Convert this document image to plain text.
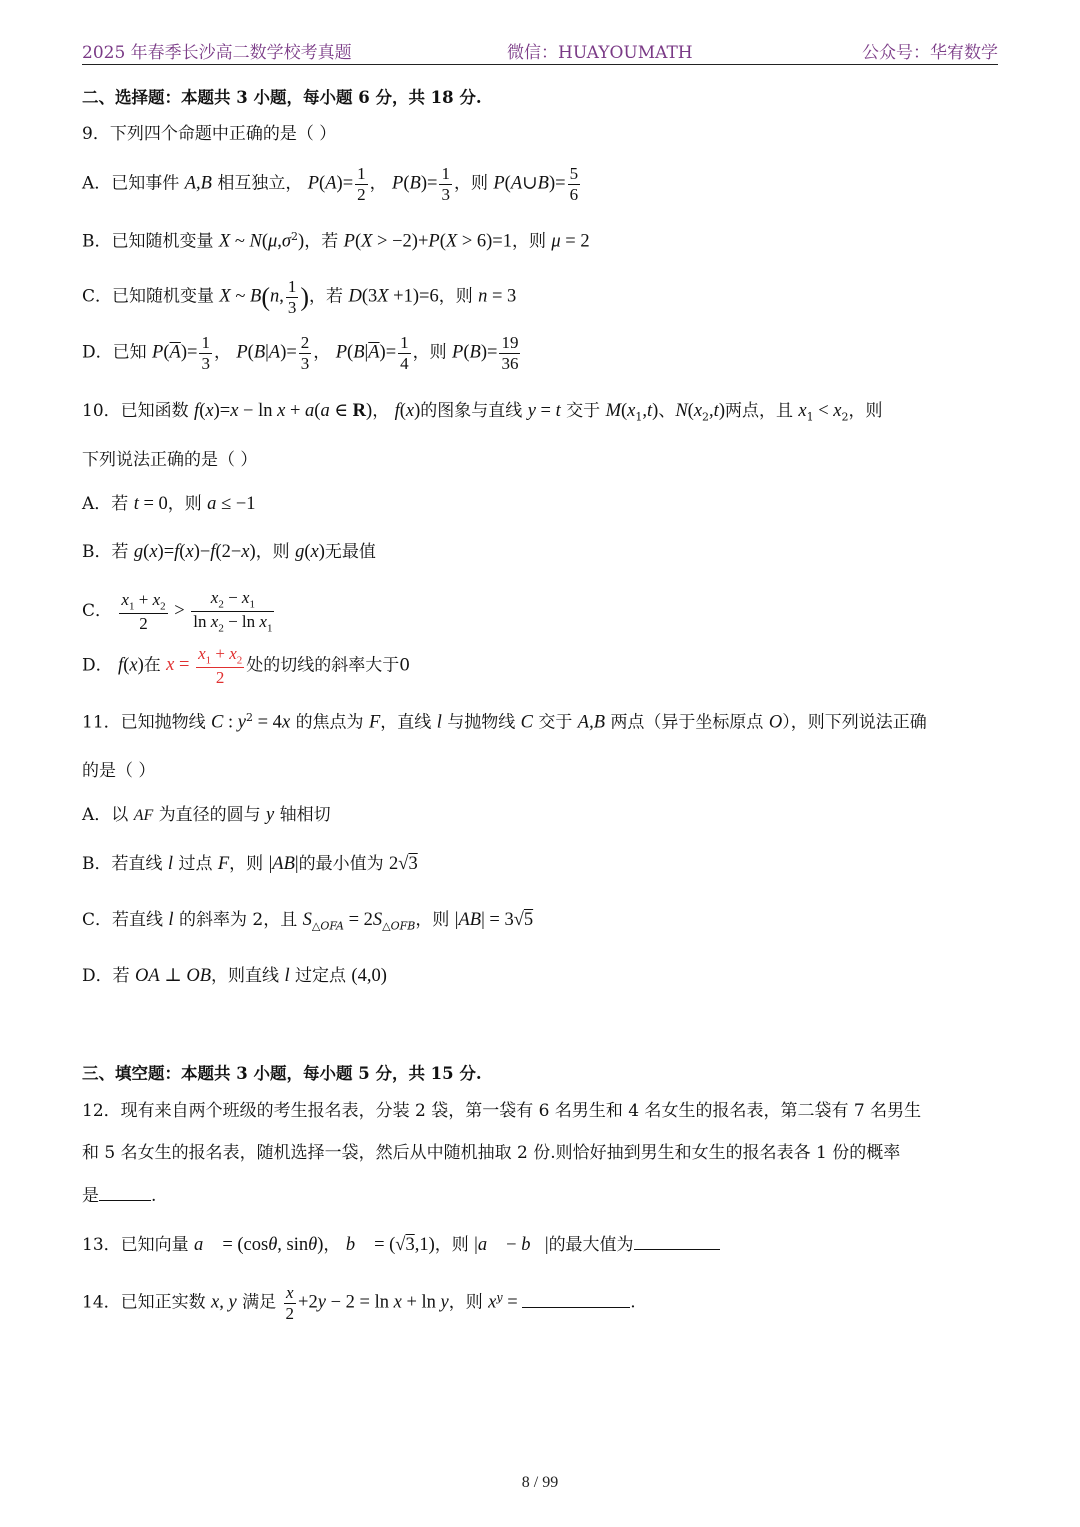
2025 年春季长沙高二数学校考真题	微信：HUAYOUMATH	公众号：华宥数学
二、选择题：本题共 3 小题，每小题 6 分，共 18 分.
9．下列四个命题中正确的是（ ）
A．已知事件 A,B 相互独立， $P(A)= \frac{1}{2}$ ， $P(B)= \frac{1}{3}$ ，则 P(A∪B)= $\frac{5}{6}$
B．已知随机变量 X ~ $N(\mu,\sigma^2)$，若 P(X > −2)+P(X > 6)=1，则 μ = 2
C．已知随机变量 X ~ B(n, $\frac{1}{3}$ )，若 D(3X +1)=6，则 n = 3
D．已知 $P(\overline{A})= \frac{1}{3}$ ， $P(B|A)= \frac{2}{3}$ ， $P(B|\overline{A})= \frac{1}{4}$ ，则 $P(B)= \frac{19}{36}$
10．已知函数 f(x)=x − ln x + a(a ∈ R)， f(x)的图象与直线 y = t 交于 $M(x_1,t)$、$N(x_2,t)$两点，且 $x_1 < x_2$，则
下列说法正确的是（ ）
A．若 t = 0，则 a ≤ −1
B．若 g(x)=f(x)−f(2−x)，则 g(x)无最值
C． $\frac{x_1 + x_2}{2} > \frac{x_2 - x_1}{\ln x_2 - \ln x_1}$
D． f(x)在 $x = \frac{x_1 + x_2}{2}$ 处的切线的斜率大于0
11．已知抛物线 C : $y^2 = 4x$ 的焦点为 F，直线 l 与抛物线 C 交于 A,B 两点（异于坐标原点 O），则下列说法正确
的是（ ）
A．以 AF 为直径的圆与 y 轴相切
B．若直线 l 过点 F，则 |AB|的最小值为 2√3
C．若直线 l 的斜率为 2，且 $S_{\triangle OFA} = 2S_{\triangle OFB}$，则 |AB| = 3√5
D．若 OA ⊥ OB，则直线 l 过定点 (4,0)
三、填空题：本题共 3 小题，每小题 5 分，共 15 分.
12．现有来自两个班级的考生报名表，分装 2 袋，第一袋有 6 名男生和 4 名女生的报名表，第二袋有 7 名男生
和 5 名女生的报名表，随机选择一袋，然后从中随机抽取 2 份.则恰好抽到男生和女生的报名表各 1 份的概率
是	.
13．已知向量 a⃗ = (cosθ, sinθ)， b⃗ = (√3,1)，则 |a⃗ − b⃗|的最大值为
14．已知正实数 x, y 满足 $\frac{x}{2} +2y - 2 = \ln x + \ln y$，则 $x^y$ =	.
8 / 99
